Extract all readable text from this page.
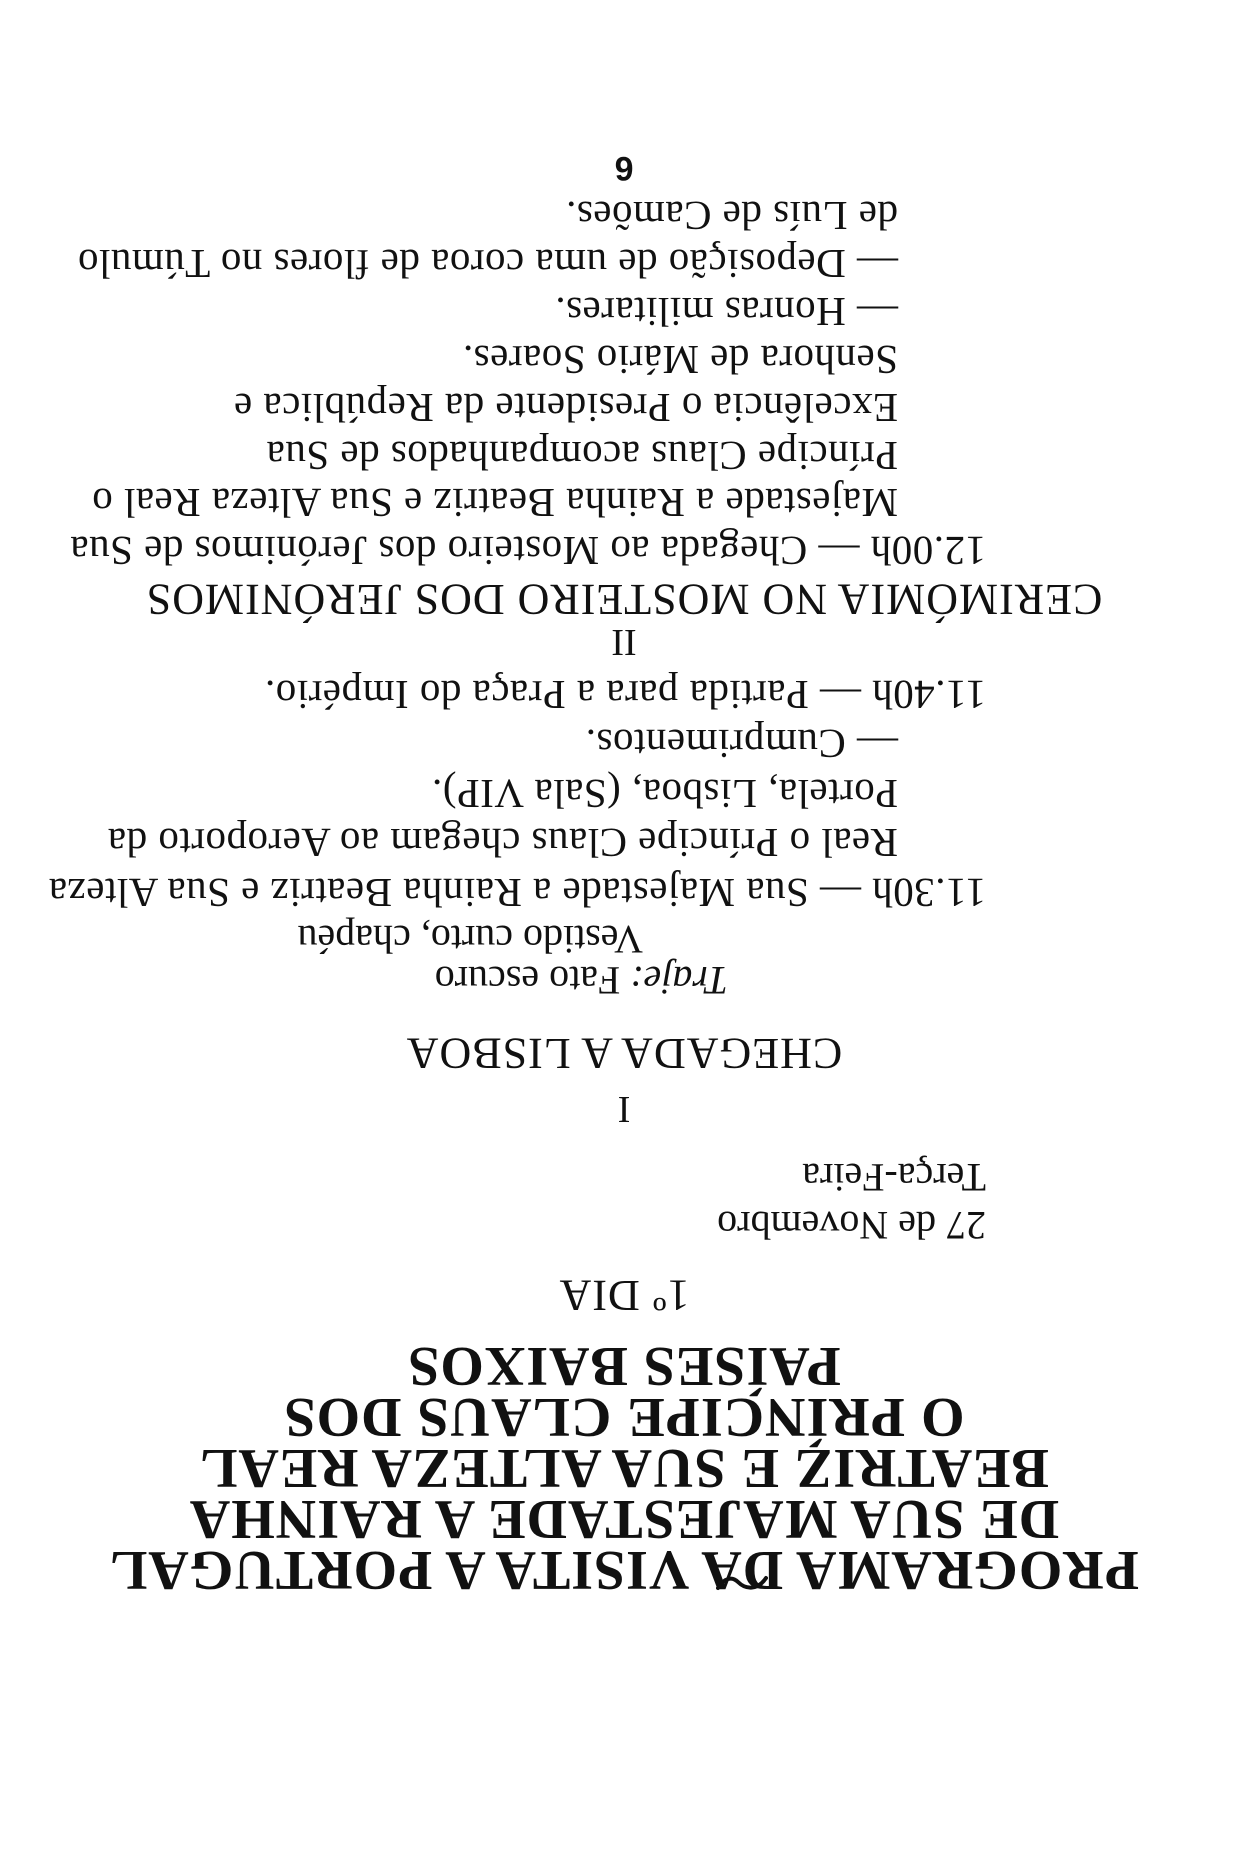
PROGRAMA DA VISITA A PORTUGAL
DE SUA MAJESTADE A RAINHA
BEATRIZ E SUA ALTEZA REAL
O PRÍNCIPE CLAUS DOS
PAÍSES BAIXOS
1º DIA
27 de Novembro
Terça-Feira
I
CHEGADA A LISBOA
Traje: Fato escuro
Vestido curto, chapéu
11.30h — Sua Majestade a Rainha Beatriz e Sua Alteza
Real o Príncipe Claus chegam ao Aeroporto da
Portela, Lisboa, (Sala VIP).
— Cumprimentos.
11.40h — Partida para a Praça do Império.
II
CERIMÓMIA NO MOSTEIRO DOS JERÓNIMOS
12.00h — Chegada ao Mosteiro dos Jerónimos de Sua
Majestade a Rainha Beatriz e Sua Alteza Real o
Príncipe Claus acompanhados de Sua
Excelência o Presidente da República e
Senhora de Mário Soares.
— Honras militares.
— Deposição de uma coroa de flores no Túmulo
de Luís de Camões.
6
